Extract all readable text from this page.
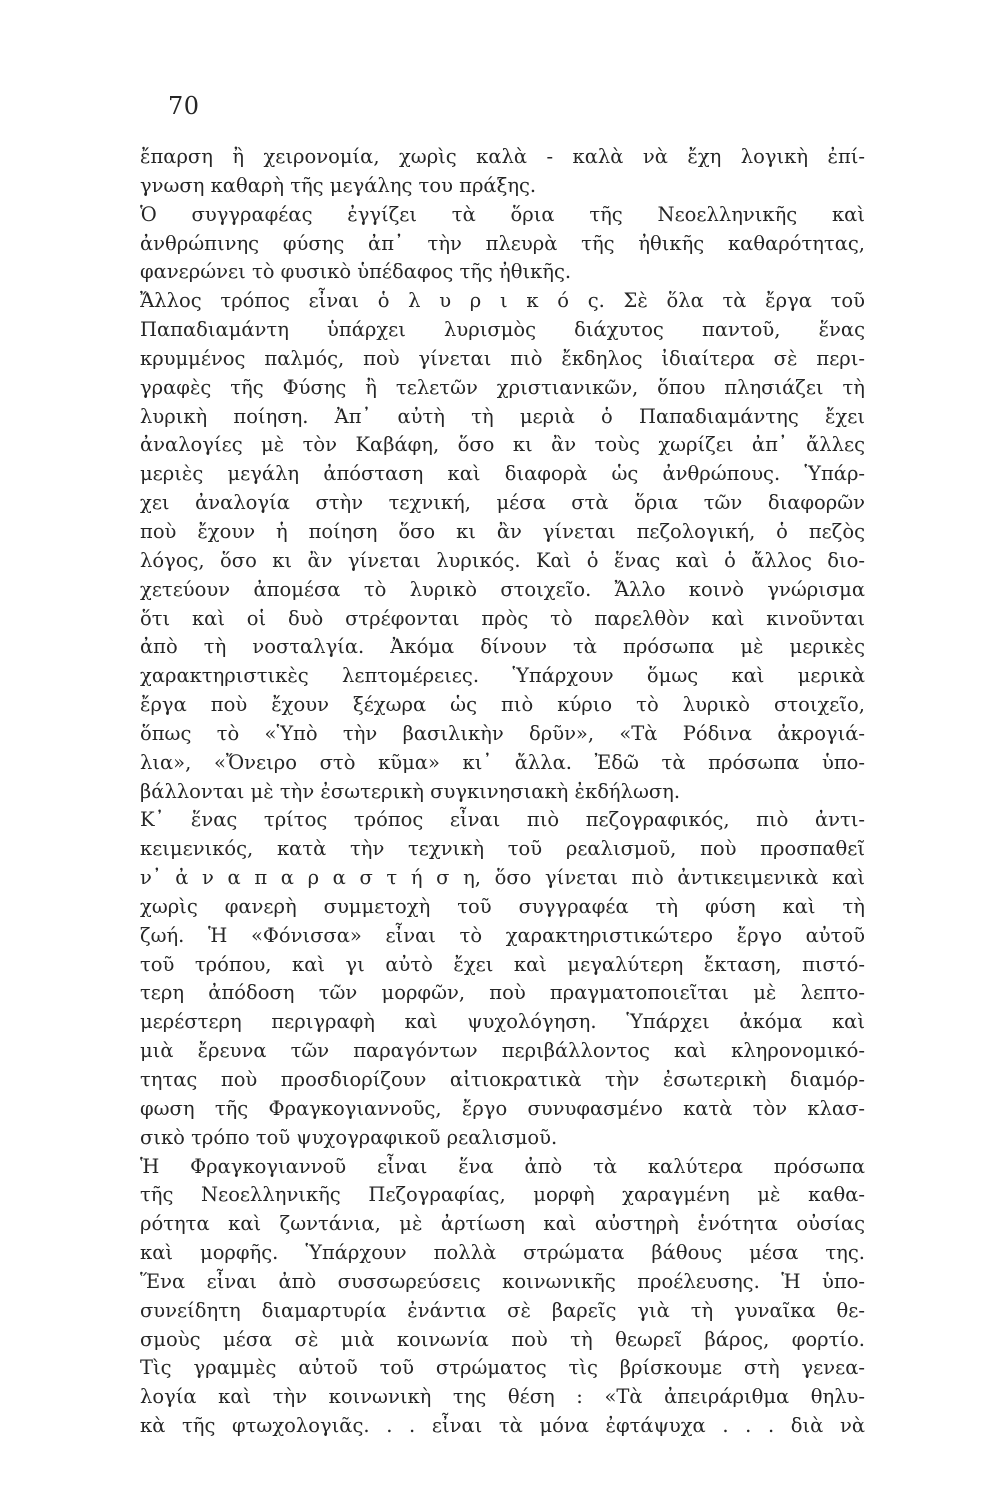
70
ἔπαρση ἢ χειρονομία, χωρὶς καλὰ - καλὰ νὰ ἔχη λογικὴ ἐπί-
γνωση καθαρὴ τῆς μεγάλης του πράξης.
Ὁ συγγραφέας ἐγγίζει τὰ ὅρια τῆς Νεοελληνικῆς καὶ
ἀνθρώπινης φύσης ἀπ᾽ τὴν πλευρὰ τῆς ἠθικῆς καθαρότητας,
φανερώνει τὸ φυσικὸ ὑπέδαφος τῆς ἠθικῆς.
Ἄλλος τρόπος εἶναι ὁ λ υ ρ ι κ ό ς. Σὲ ὅλα τὰ ἔργα τοῦ
Παπαδιαμάντη ὑπάρχει λυρισμὸς διάχυτος παντοῦ, ἕνας
κρυμμένος παλμός, ποὺ γίνεται πιὸ ἔκδηλος ἰδιαίτερα σὲ περι-
γραφὲς τῆς Φύσης ἢ τελετῶν χριστιανικῶν, ὅπου πλησιάζει τὴ
λυρικὴ ποίηση. Ἀπ᾽ αὐτὴ τὴ μεριὰ ὁ Παπαδιαμάντης ἔχει
ἀναλογίες μὲ τὸν Καβάφη, ὅσο κι ἂν τοὺς χωρίζει ἀπ᾽ ἄλλες
μεριὲς μεγάλη ἀπόσταση καὶ διαφορὰ ὡς ἀνθρώπους. Ὑπάρ-
χει ἀναλογία στὴν τεχνική, μέσα στὰ ὅρια τῶν διαφορῶν
ποὺ ἔχουν ἡ ποίηση ὅσο κι ἂν γίνεται πεζολογική, ὁ πεζὸς
λόγος, ὅσο κι ἂν γίνεται λυρικός. Καὶ ὁ ἕνας καὶ ὁ ἄλλος διο-
χετεύουν ἀπομέσα τὸ λυρικὸ στοιχεῖο. Ἄλλο κοινὸ γνώρισμα
ὅτι καὶ οἱ δυὸ στρέφονται πρὸς τὸ παρελθὸν καὶ κινοῦνται
ἀπὸ τὴ νοσταλγία. Ἀκόμα δίνουν τὰ πρόσωπα μὲ μερικὲς
χαρακτηριστικὲς λεπτομέρειες. Ὑπάρχουν ὅμως καὶ μερικὰ
ἔργα ποὺ ἔχουν ξέχωρα ὡς πιὸ κύριο τὸ λυρικὸ στοιχεῖο,
ὅπως τὸ «Ὑπὸ τὴν βασιλικὴν δρῦν», «Τὰ Ρόδινα ἀκρογιά-
λια», «Ὄνειρο στὸ κῦμα» κι᾽ ἄλλα. Ἐδῶ τὰ πρόσωπα ὑπο-
βάλλονται μὲ τὴν ἐσωτερικὴ συγκινησιακὴ ἐκδήλωση.
Κ᾽ ἕνας τρίτος τρόπος εἶναι πιὸ πεζογραφικός, πιὸ ἀντι-
κειμενικός, κατὰ τὴν τεχνικὴ τοῦ ρεαλισμοῦ, ποὺ προσπαθεῖ
ν᾽ ἀ ν α π α ρ α σ τ ή σ η, ὅσο γίνεται πιὸ ἀντικειμενικὰ καὶ
χωρὶς φανερὴ συμμετοχὴ τοῦ συγγραφέα τὴ φύση καὶ τὴ
ζωή. Ἡ «Φόνισσα» εἶναι τὸ χαρακτηριστικώτερο ἔργο αὐτοῦ
τοῦ τρόπου, καὶ γι αὐτὸ ἔχει καὶ μεγαλύτερη ἔκταση, πιστό-
τερη ἀπόδοση τῶν μορφῶν, ποὺ πραγματοποιεῖται μὲ λεπτο-
μερέστερη περιγραφὴ καὶ ψυχολόγηση. Ὑπάρχει ἀκόμα καὶ
μιὰ ἔρευνα τῶν παραγόντων περιβάλλοντος καὶ κληρονομικό-
τητας ποὺ προσδιορίζουν αἰτιοκρατικὰ τὴν ἐσωτερικὴ διαμόρ-
φωση τῆς Φραγκογιαννοῦς, ἔργο συνυφασμένο κατὰ τὸν κλασ-
σικὸ τρόπο τοῦ ψυχογραφικοῦ ρεαλισμοῦ.
Ἡ Φραγκογιαννοῦ εἶναι ἕνα ἀπὸ τὰ καλύτερα πρόσωπα
τῆς Νεοελληνικῆς Πεζογραφίας, μορφὴ χαραγμένη μὲ καθα-
ρότητα καὶ ζωντάνια, μὲ ἀρτίωση καὶ αὐστηρὴ ἑνότητα οὐσίας
καὶ μορφῆς. Ὑπάρχουν πολλὰ στρώματα βάθους μέσα της.
Ἕνα εἶναι ἀπὸ συσσωρεύσεις κοινωνικῆς προέλευσης. Ἡ ὑπο-
συνείδητη διαμαρτυρία ἐνάντια σὲ βαρεῖς γιὰ τὴ γυναῖκα θε-
σμοὺς μέσα σὲ μιὰ κοινωνία ποὺ τὴ θεωρεῖ βάρος, φορτίο.
Τὶς γραμμὲς αὐτοῦ τοῦ στρώματος τὶς βρίσκουμε στὴ γενεα-
λογία καὶ τὴν κοινωνικὴ της θέση : «Τὰ ἀπειράριθμα θηλυ-
κὰ τῆς φτωχολογιᾶς. . . εἶναι τὰ μόνα ἐφτάψυχα . . . διὰ νὰ
